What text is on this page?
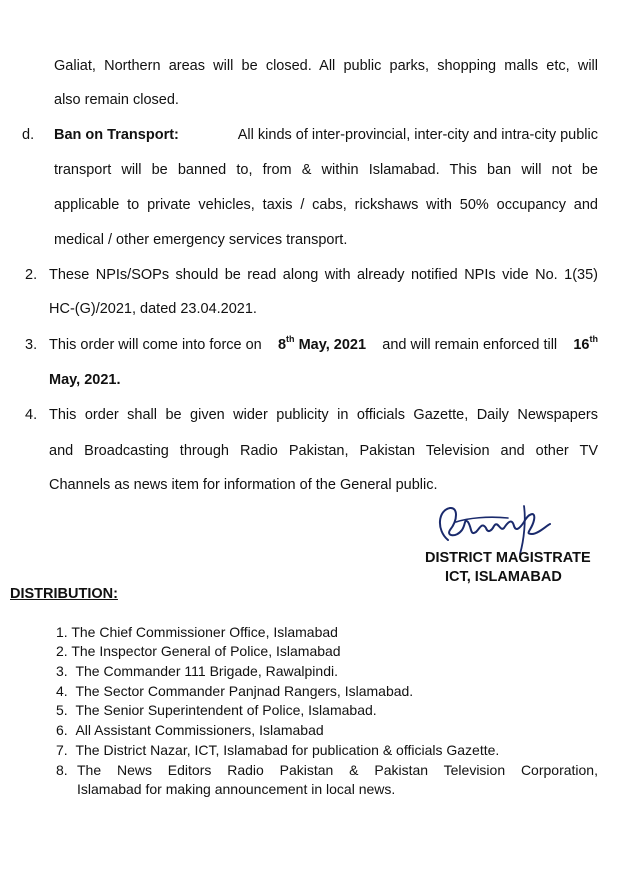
Galiat, Northern areas will be closed. All public parks, shopping malls etc, will
also remain closed.
d. Ban on Transport:	All kinds of inter-provincial, inter-city and intra-city public
transport will be banned to, from & within Islamabad. This ban will not be
applicable to private vehicles, taxis / cabs, rickshaws with 50% occupancy and
medical / other emergency services transport.
2. These NPIs/SOPs should be read along with already notified NPIs vide No. 1(35)
HC-(G)/2021, dated 23.04.2021.
3. This order will come into force on 8th May, 2021 and will remain enforced till 16th
May, 2021.
4. This order shall be given wider publicity in officials Gazette, Daily Newspapers
and Broadcasting through Radio Pakistan, Pakistan Television and other TV
Channels as news item for information of the General public.
DISTRICT MAGISTRATE
ICT, ISLAMABAD
DISTRIBUTION:
1. The Chief Commissioner Office, Islamabad
2. The Inspector General of Police, Islamabad
3. The Commander 111 Brigade, Rawalpindi.
4. The Sector Commander Panjnad Rangers, Islamabad.
5. The Senior Superintendent of Police, Islamabad.
6. All Assistant Commissioners, Islamabad
7. The District Nazar, ICT, Islamabad for publication & officials Gazette.
8. The News Editors Radio Pakistan & Pakistan Television Corporation,
Islamabad for making announcement in local news.
